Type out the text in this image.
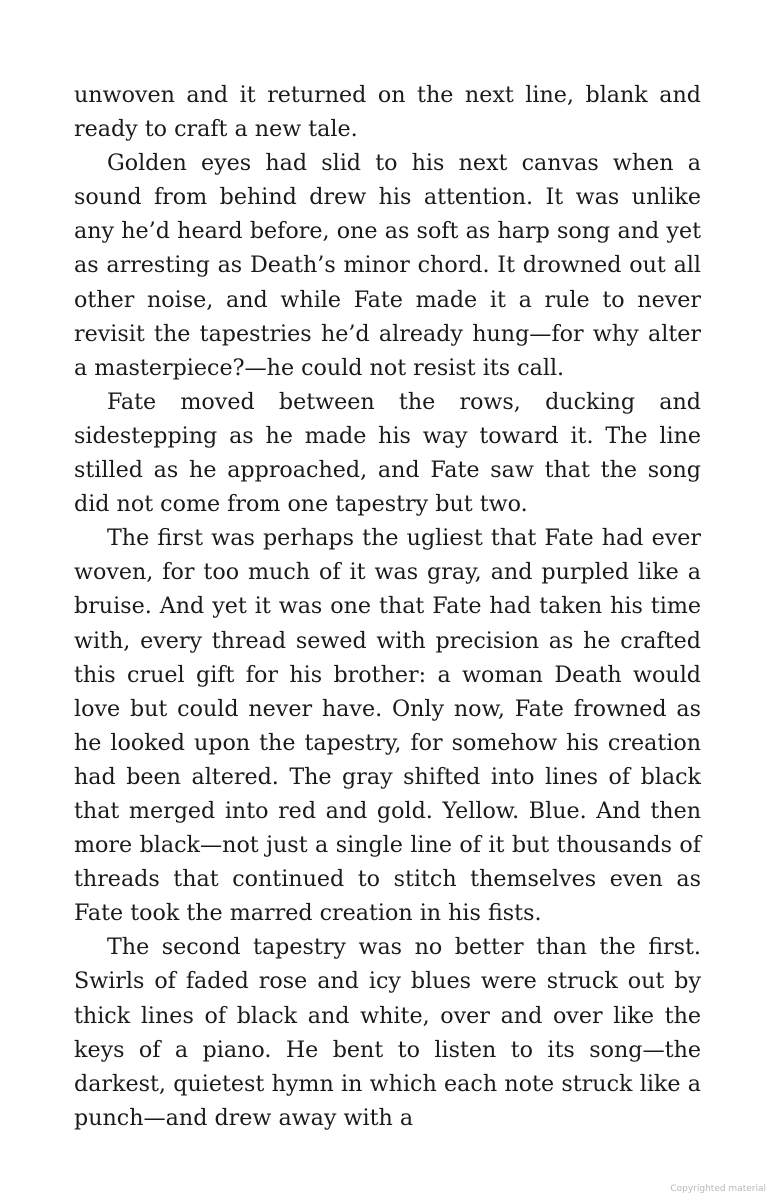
unwoven and it returned on the next line, blank and ready to craft a new tale.

Golden eyes had slid to his next canvas when a sound from behind drew his attention. It was unlike any he’d heard before, one as soft as harp song and yet as arresting as Death’s minor chord. It drowned out all other noise, and while Fate made it a rule to never revisit the tapestries he’d already hung—for why alter a masterpiece?—he could not resist its call.

Fate moved between the rows, ducking and sidestepping as he made his way toward it. The line stilled as he approached, and Fate saw that the song did not come from one tapestry but two.

The first was perhaps the ugliest that Fate had ever woven, for too much of it was gray, and purpled like a bruise. And yet it was one that Fate had taken his time with, every thread sewed with precision as he crafted this cruel gift for his brother: a woman Death would love but could never have. Only now, Fate frowned as he looked upon the tapestry, for somehow his creation had been altered. The gray shifted into lines of black that merged into red and gold. Yellow. Blue. And then more black—not just a single line of it but thousands of threads that continued to stitch themselves even as Fate took the marred creation in his fists.

The second tapestry was no better than the first. Swirls of faded rose and icy blues were struck out by thick lines of black and white, over and over like the keys of a piano. He bent to listen to its song—the darkest, quietest hymn in which each note struck like a punch—and drew away with a

Copyrighted material
